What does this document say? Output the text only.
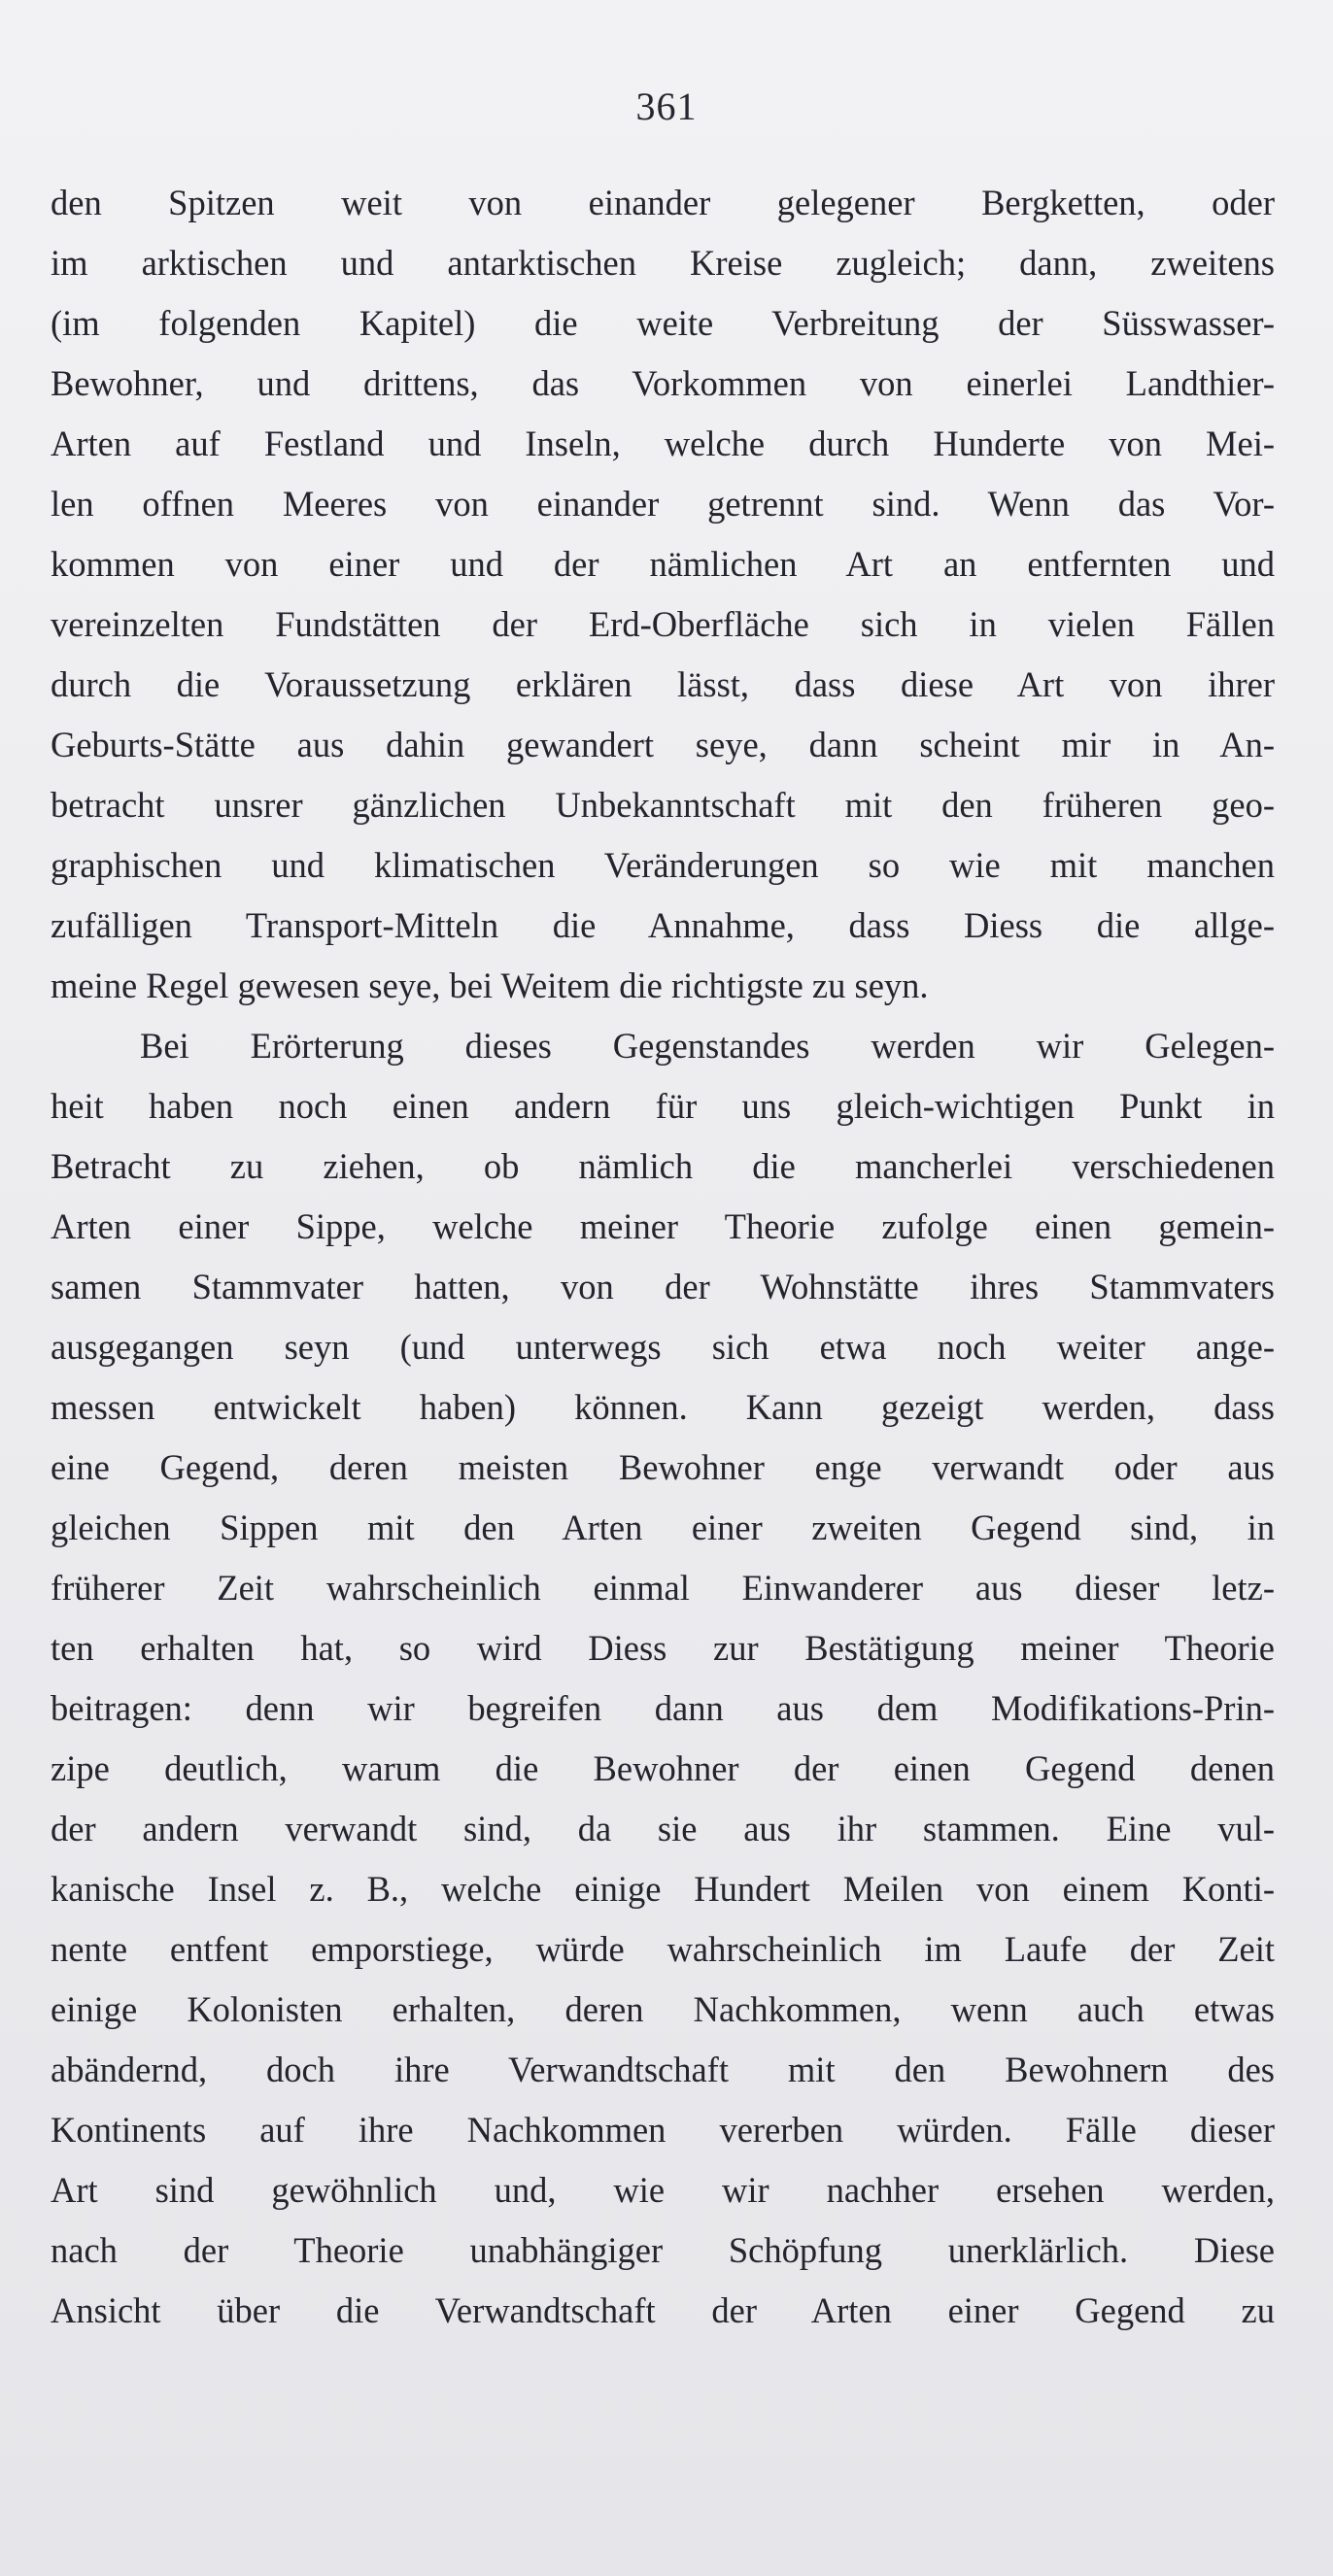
361
den Spitzen weit von einander gelegener Bergketten, oder
im arktischen und antarktischen Kreise zugleich; dann, zweitens
(im folgenden Kapitel) die weite Verbreitung der Süsswasser-
Bewohner, und drittens, das Vorkommen von einerlei Landthier-
Arten auf Festland und Inseln, welche durch Hunderte von Mei-
len offnen Meeres von einander getrennt sind. Wenn das Vor-
kommen von einer und der nämlichen Art an entfernten und
vereinzelten Fundstätten der Erd-Oberfläche sich in vielen Fällen
durch die Voraussetzung erklären lässt, dass diese Art von ihrer
Geburts-Stätte aus dahin gewandert seye, dann scheint mir in An-
betracht unsrer gänzlichen Unbekanntschaft mit den früheren geo-
graphischen und klimatischen Veränderungen so wie mit manchen
zufälligen Transport-Mitteln die Annahme, dass Diess die allge-
meine Regel gewesen seye, bei Weitem die richtigste zu seyn.
Bei Erörterung dieses Gegenstandes werden wir Gelegen-
heit haben noch einen andern für uns gleich-wichtigen Punkt in
Betracht zu ziehen, ob nämlich die mancherlei verschiedenen
Arten einer Sippe, welche meiner Theorie zufolge einen gemein-
samen Stammvater hatten, von der Wohnstätte ihres Stammvaters
ausgegangen seyn (und unterwegs sich etwa noch weiter ange-
messen entwickelt haben) können. Kann gezeigt werden, dass
eine Gegend, deren meisten Bewohner enge verwandt oder aus
gleichen Sippen mit den Arten einer zweiten Gegend sind, in
früherer Zeit wahrscheinlich einmal Einwanderer aus dieser letz-
ten erhalten hat, so wird Diess zur Bestätigung meiner Theorie
beitragen: denn wir begreifen dann aus dem Modifikations-Prin-
zipe deutlich, warum die Bewohner der einen Gegend denen
der andern verwandt sind, da sie aus ihr stammen. Eine vul-
kanische Insel z. B., welche einige Hundert Meilen von einem Konti-
nente entfent emporstiege, würde wahrscheinlich im Laufe der Zeit
einige Kolonisten erhalten, deren Nachkommen, wenn auch etwas
abändernd, doch ihre Verwandtschaft mit den Bewohnern des
Kontinents auf ihre Nachkommen vererben würden. Fälle dieser
Art sind gewöhnlich und, wie wir nachher ersehen werden,
nach der Theorie unabhängiger Schöpfung unerklärlich. Diese
Ansicht über die Verwandtschaft der Arten einer Gegend zu
